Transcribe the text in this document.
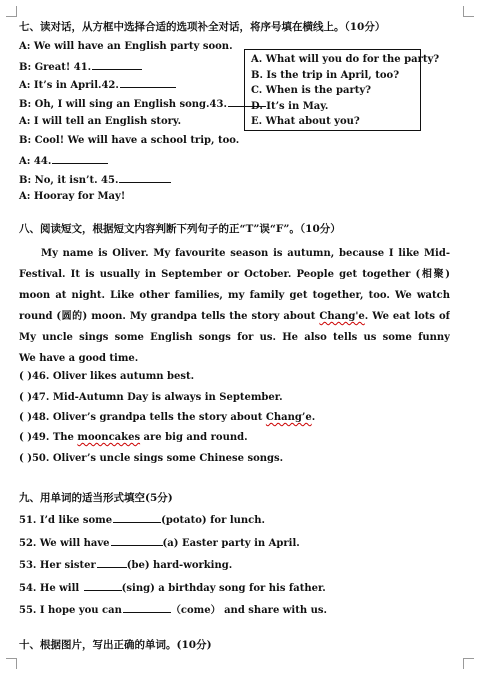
七、读对话，从方框中选择合适的选项补全对话，将序号填在横线上。（10分）
A: We will have an English party soon.
B: Great! 41.
A: It’s in April.42.
B: Oh, I will sing an English song.43.
A: I will tell an English story.
B: Cool! We will have a school trip, too.
A: 44.
B: No, it isn’t. 45.
A: Hooray for May!
A. What will you do for the party?
B. Is the trip in April, too?
C. When is the party?
D. It’s in May.
E. What about you?
八、阅读短文，根据短文内容判断下列句子的正“T”误“F”。（10分）
My name is Oliver. My favourite season is autumn, because I like Mid-
Festival. It is usually in September or October. People get together (相聚)
moon at night. Like other families, my family get together, too. We watch
round (圆的) moon. My grandpa tells the story about Chang'e. We eat lots of
My uncle sings some English songs for us. He also tells us some funny
We have a good time.
( )46. Oliver likes autumn best.
( )47. Mid-Autumn Day is always in September.
( )48. Oliver’s grandpa tells the story about Chang’e.
( )49. The mooncakes are big and round.
( )50. Oliver’s uncle sings some Chinese songs.
九、用单词的适当形式填空(5分)
51. I’d like some	(potato) for lunch.
52. We will have	(a) Easter party in April.
53. Her sister	(be) hard-working.
54. He will	(sing) a birthday song for his father.
55. I hope you can	（come） and share with us.
十、根据图片，写出正确的单词。(10分)
